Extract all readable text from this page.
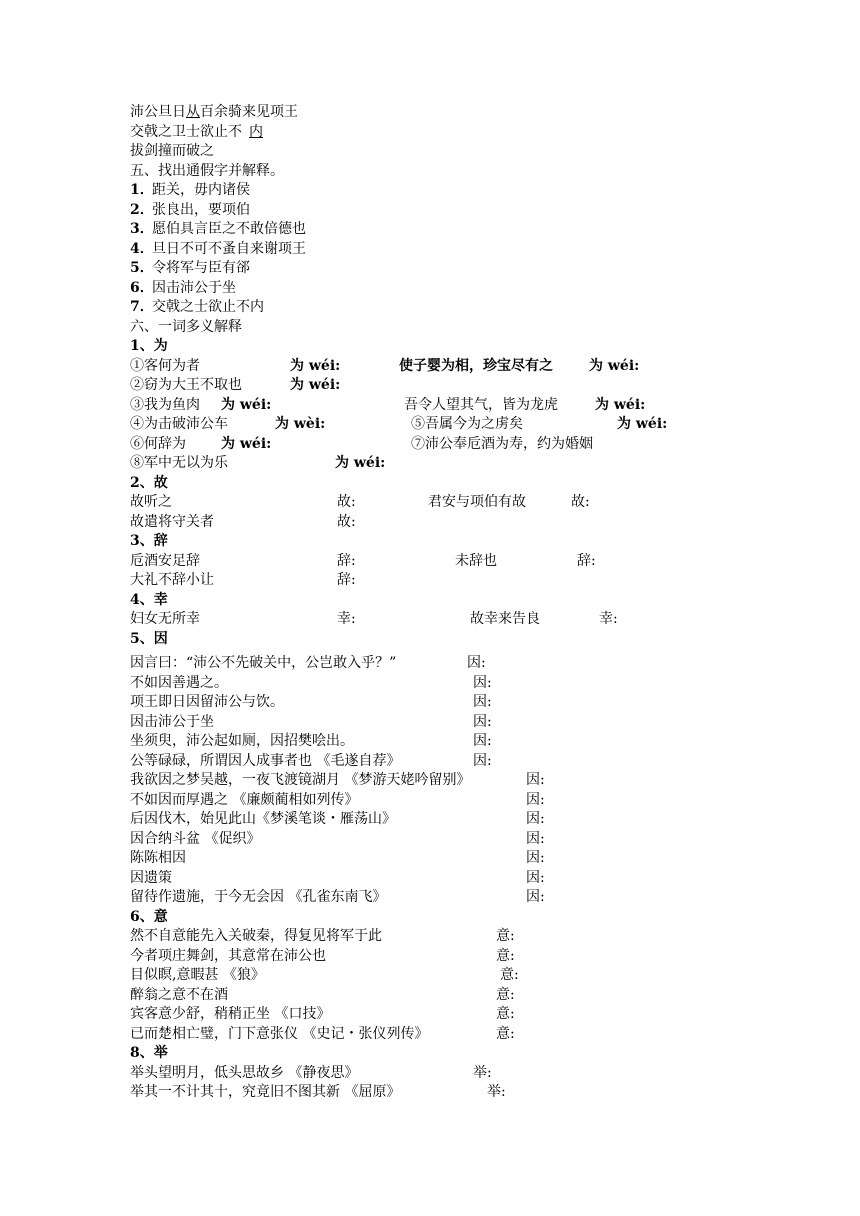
沛公旦日 从 百余骑来见项王
交戟之卫士欲止不 内
拔剑撞而破之
五、找出通假字并解释。
1．
距关，毋内诸侯
2．
张良出，要项伯
3．
愿伯具言臣之不敢倍德也
4．
旦日不可不蚤自来谢项王
5．
令将军与臣有郤
6．
因击沛公于坐
7．
交戟之士欲止不内
六、一词多义解释
1、为
①客何为者	为 wéi:	使子婴为相，珍宝尽有之	为 wéi:
②窃为大王不取也	为 wéi:
③我为鱼肉 为 wéi:	吾令人望其气，皆为龙虎	为 wéi:
④为击破沛公车	为 wèi:	⑤吾属今为之虏矣	为 wéi:
⑥何辞为	为 wéi:	⑦沛公奉卮酒为寿，约为婚姻
⑧军中无以为乐	为 wéi:
2、故
故听之	故:	君安与项伯有故	故:
故遣将守关者	故:
3、辞
卮酒安足辞	辞:	未辞也	辞:
大礼不辞小让	辞:
4、幸
妇女无所幸	幸:	故幸来告良	幸:
5、因
因言曰：“沛公不先破关中，公岂敢入乎？”	因:
不如因善遇之。	因:
项王即日因留沛公与饮。	因:
因击沛公于坐	因:
坐须臾，沛公起如厕，因招樊哙出。	因:
公等碌碌，所谓因人成事者也 《毛遂自荐》	因:
我欲因之梦吴越，一夜飞渡镜湖月 《梦游天姥吟留别》	因:
不如因而厚遇之 《廉颇蔺相如列传》	因:
后因伐木，始见此山《梦溪笔谈・雁荡山》	因:
因合纳斗盆 《促织》	因:
陈陈相因	因:
因遗策	因:
留待作遗施，于今无会因 《孔雀东南飞》	因:
6、意
然不自意能先入关破秦，得复见将军于此	意:
今者项庄舞剑，其意常在沛公也	意:
目似瞑,意暇甚 《狼》	意:
醉翁之意不在酒	意:
宾客意少舒，稍稍正坐 《口技》	意:
已而楚相亡璧，门下意张仪 《史记・张仪列传》	意:
8、举
举头望明月，低头思故乡 《静夜思》	举:
举其一不计其十，究竟旧不图其新 《屈原》	举:
